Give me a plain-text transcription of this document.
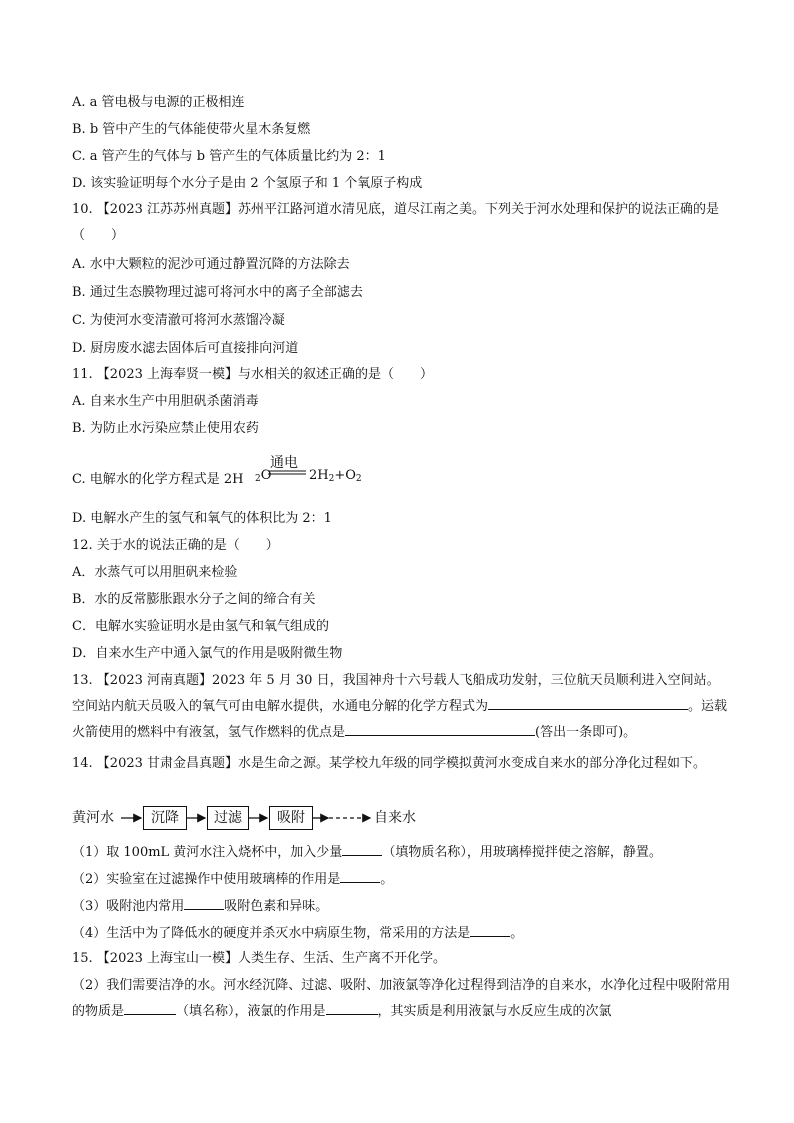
A. a 管电极与电源的正极相连
B. b 管中产生的气体能使带火星木条复燃
C. a 管产生的气体与 b 管产生的气体质量比约为 2：1
D. 该实验证明每个水分子是由 2 个氢原子和 1 个氧原子构成
10. 【2023 江苏苏州真题】苏州平江路河道水清见底，道尽江南之美。下列关于河水处理和保护的说法正确的是（　　）
A. 水中大颗粒的泥沙可通过静置沉降的方法除去
B. 通过生态膜物理过滤可将河水中的离子全部滤去
C. 为使河水变清澈可将河水蒸馏冷凝
D. 厨房废水滤去固体后可直接排向河道
11. 【2023 上海奉贤一模】与水相关的叙述正确的是（　　）
A. 自来水生产中用胆矾杀菌消毒
B. 为防止水污染应禁止使用农药
C. 电解水的化学方程式是 2H $_2$O
通电
$2H_2+O_2$
D. 电解水产生的氢气和氧气的体积比为 2：1
12. 关于水的说法正确的是（　　）
A．水蒸气可以用胆矾来检验
B．水的反常膨胀跟水分子之间的缔合有关
C．电解水实验证明水是由氢气和氧气组成的
D．自来水生产中通入氯气的作用是吸附微生物
13. 【2023 河南真题】2023 年 5 月 30 日，我国神舟十六号载人飞船成功发射，三位航天员顺利进入空间站。空间站内航天员吸入的氧气可由电解水提供，水通电分解的化学方程式为	。运载火箭使用的燃料中有液氢，氢气作燃料的优点是	(答出一条即可)。
14. 【2023 甘肃金昌真题】水是生命之源。某学校九年级的同学模拟黄河水变成自来水的部分净化过程如下。
黄河水	沉降	过滤	吸附	自来水
（1）取 100mL 黄河水注入烧杯中，加入少量	（填物质名称），用玻璃棒搅拌使之溶解，静置。
（2）实验室在过滤操作中使用玻璃棒的作用是	。
（3）吸附池内常用	吸附色素和异味。
（4）生活中为了降低水的硬度并杀灭水中病原生物，常采用的方法是	。
15. 【2023 上海宝山一模】人类生存、生活、生产离不开化学。
（2）我们需要洁净的水。河水经沉降、过滤、吸附、加液氯等净化过程得到洁净的自来水，水净化过程中吸附常用的物质是	（填名称），液氯的作用是	，其实质是利用液氯与水反应生成的次氯
